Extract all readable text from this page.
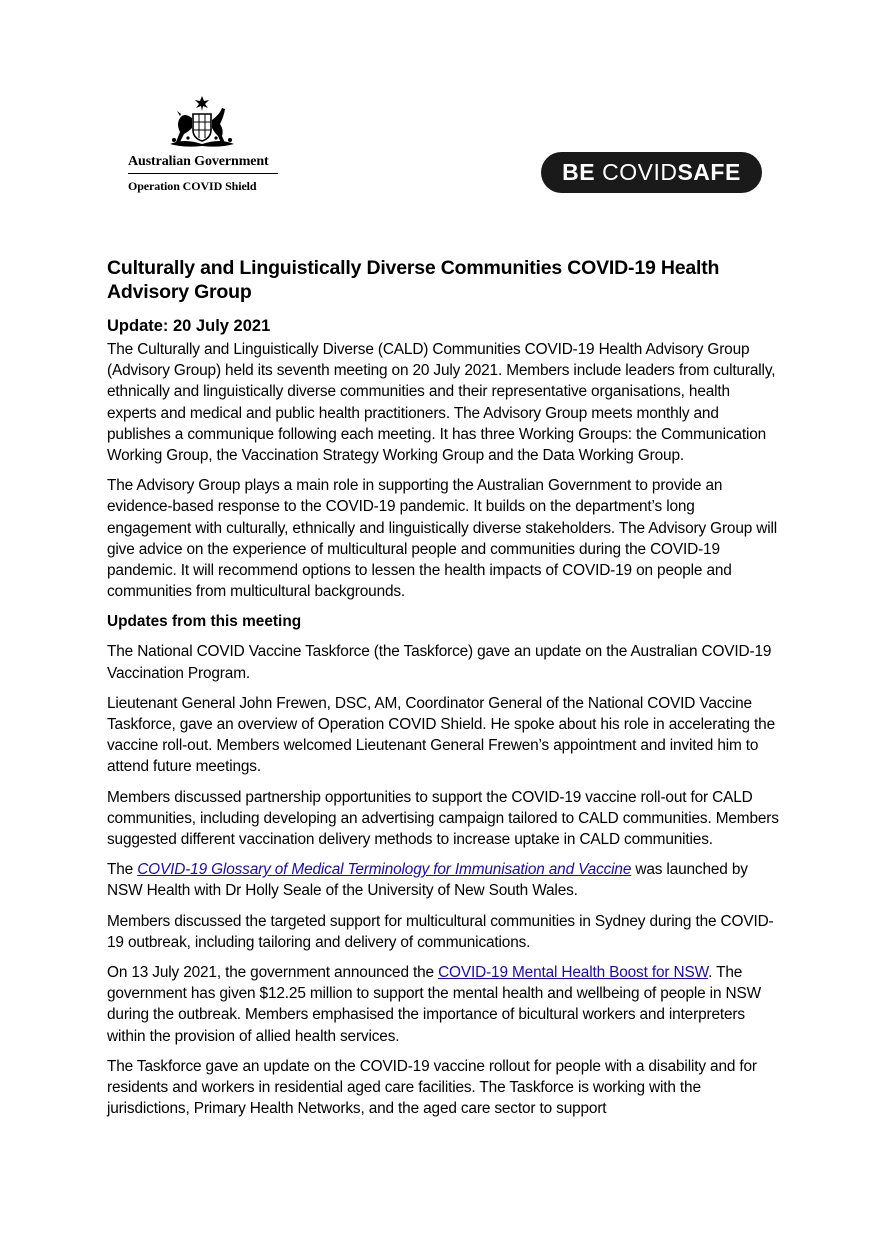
Australian Government
Operation COVID Shield
BE COVID SAFE
Culturally and Linguistically Diverse Communities COVID-19 Health Advisory Group
Update: 20 July 2021

The Culturally and Linguistically Diverse (CALD) Communities COVID-19 Health Advisory Group (Advisory Group) held its seventh meeting on 20 July 2021. Members include leaders from culturally, ethnically and linguistically diverse communities and their representative organisations, health experts and medical and public health practitioners. The Advisory Group meets monthly and publishes a communique following each meeting. It has three Working Groups: the Communication Working Group, the Vaccination Strategy Working Group and the Data Working Group.

The Advisory Group plays a main role in supporting the Australian Government to provide an evidence-based response to the COVID-19 pandemic. It builds on the department’s long engagement with culturally, ethnically and linguistically diverse stakeholders. The Advisory Group will give advice on the experience of multicultural people and communities during the COVID-19 pandemic. It will recommend options to lessen the health impacts of COVID-19 on people and communities from multicultural backgrounds.

Updates from this meeting

The National COVID Vaccine Taskforce (the Taskforce) gave an update on the Australian COVID-19 Vaccination Program.

Lieutenant General John Frewen, DSC, AM, Coordinator General of the National COVID Vaccine Taskforce, gave an overview of Operation COVID Shield. He spoke about his role in accelerating the vaccine roll-out. Members welcomed Lieutenant General Frewen’s appointment and invited him to attend future meetings.

Members discussed partnership opportunities to support the COVID-19 vaccine roll-out for CALD communities, including developing an advertising campaign tailored to CALD communities. Members suggested different vaccination delivery methods to increase uptake in CALD communities.

The COVID-19 Glossary of Medical Terminology for Immunisation and Vaccine was launched by NSW Health with Dr Holly Seale of the University of New South Wales.

Members discussed the targeted support for multicultural communities in Sydney during the COVID-19 outbreak, including tailoring and delivery of communications.

On 13 July 2021, the government announced the COVID-19 Mental Health Boost for NSW. The government has given $12.25 million to support the mental health and wellbeing of people in NSW during the outbreak. Members emphasised the importance of bicultural workers and interpreters within the provision of allied health services.

The Taskforce gave an update on the COVID-19 vaccine rollout for people with a disability and for residents and workers in residential aged care facilities. The Taskforce is working with the jurisdictions, Primary Health Networks, and the aged care sector to support
